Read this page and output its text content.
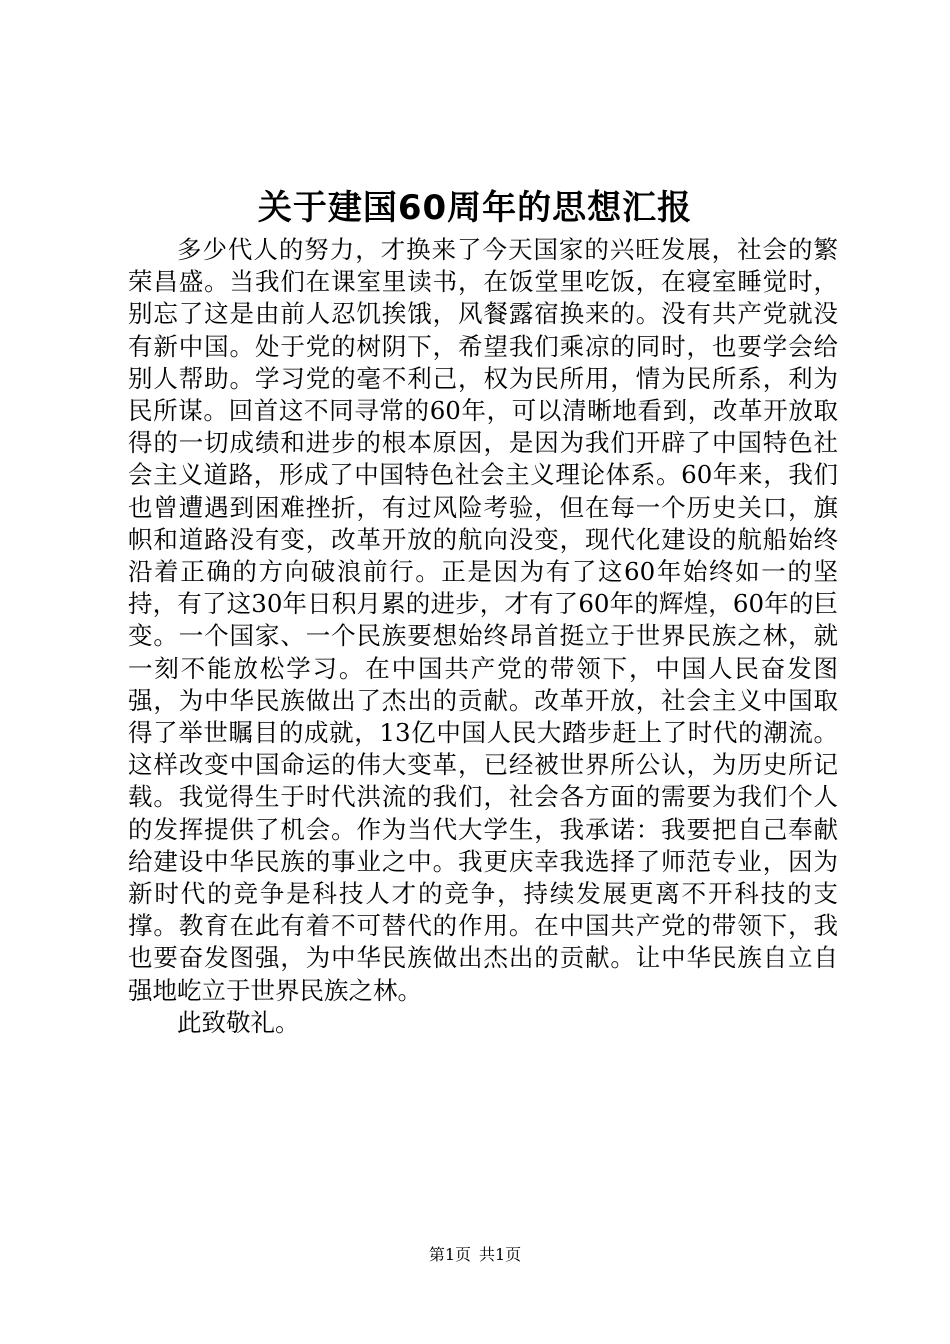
关于建国60周年的思想汇报

多少代人的努力，才换来了今天国家的兴旺发展，社会的繁荣昌盛。当我们在课室里读书，在饭堂里吃饭，在寝室睡觉时，别忘了这是由前人忍饥挨饿，风餐露宿换来的。没有共产党就没有新中国。处于党的树阴下，希望我们乘凉的同时，也要学会给别人帮助。学习党的毫不利己，权为民所用，情为民所系，利为民所谋。回首这不同寻常的60年，可以清晰地看到，改革开放取得的一切成绩和进步的根本原因，是因为我们开辟了中国特色社会主义道路，形成了中国特色社会主义理论体系。60年来，我们也曾遭遇到困难挫折，有过风险考验，但在每一个历史关口，旗帜和道路没有变，改革开放的航向没变，现代化建设的航船始终沿着正确的方向破浪前行。正是因为有了这60年始终如一的坚持，有了这30年日积月累的进步，才有了60年的辉煌，60年的巨变。一个国家、一个民族要想始终昂首挺立于世界民族之林，就一刻不能放松学习。在中国共产党的带领下，中国人民奋发图强，为中华民族做出了杰出的贡献。改革开放，社会主义中国取得了举世瞩目的成就，13亿中国人民大踏步赶上了时代的潮流。这样改变中国命运的伟大变革，已经被世界所公认，为历史所记载。我觉得生于时代洪流的我们，社会各方面的需要为我们个人的发挥提供了机会。作为当代大学生，我承诺：我要把自己奉献给建设中华民族的事业之中。我更庆幸我选择了师范专业，因为新时代的竞争是科技人才的竞争，持续发展更离不开科技的支撑。教育在此有着不可替代的作用。在中国共产党的带领下，我也要奋发图强，为中华民族做出杰出的贡献。让中华民族自立自强地屹立于世界民族之林。

此致敬礼。

第1页 共1页
